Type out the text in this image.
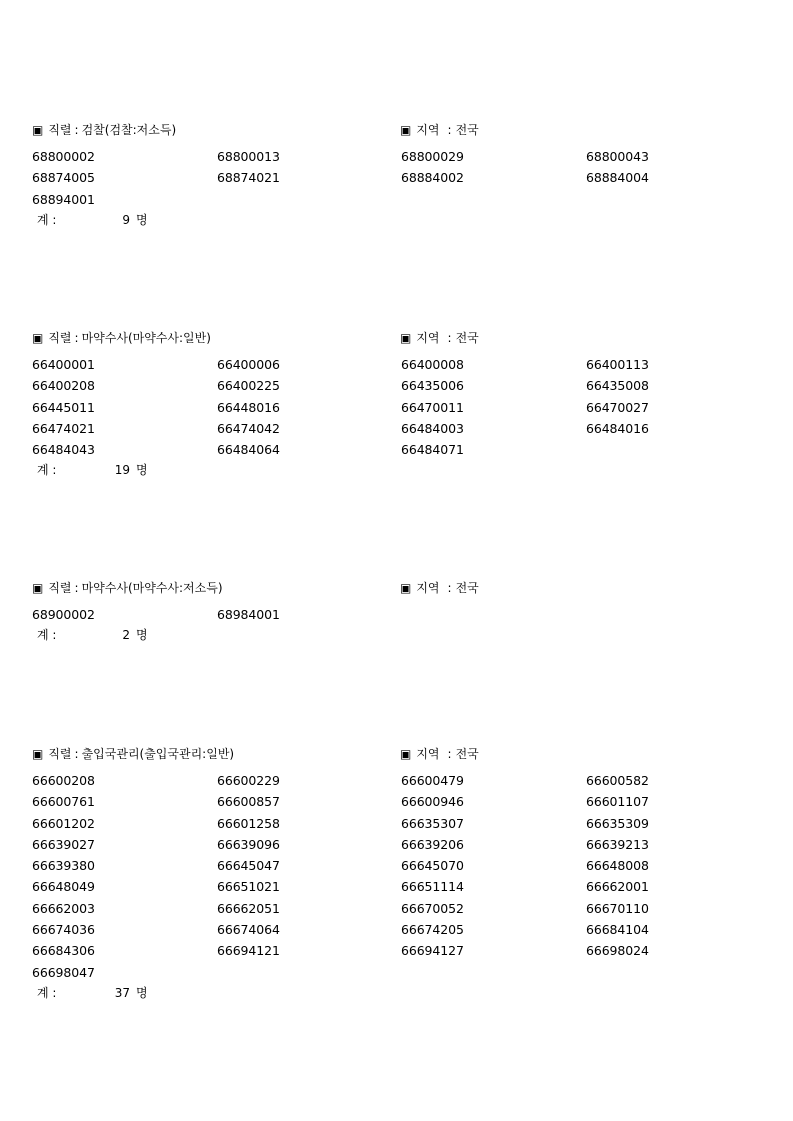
▣ 직렬 : 검찰(검찰:저소득)	▣ 지역 : 전국
68800002	68800013	68800029	68800043
68874005	68874021	68884002	68884004
68894001
계 :	9 명
▣ 직렬 : 마약수사(마약수사:일반)	▣ 지역 : 전국
66400001	66400006	66400008	66400113
66400208	66400225	66435006	66435008
66445011	66448016	66470011	66470027
66474021	66474042	66484003	66484016
66484043	66484064	66484071
계 :	19 명
▣ 직렬 : 마약수사(마약수사:저소득)	▣ 지역 : 전국
68900002	68984001
계 :	2 명
▣ 직렬 : 출입국관리(출입국관리:일반)	▣ 지역 : 전국
66600208	66600229	66600479	66600582
66600761	66600857	66600946	66601107
66601202	66601258	66635307	66635309
66639027	66639096	66639206	66639213
66639380	66645047	66645070	66648008
66648049	66651021	66651114	66662001
66662003	66662051	66670052	66670110
66674036	66674064	66674205	66684104
66684306	66694121	66694127	66698024
66698047
계 :	37 명
